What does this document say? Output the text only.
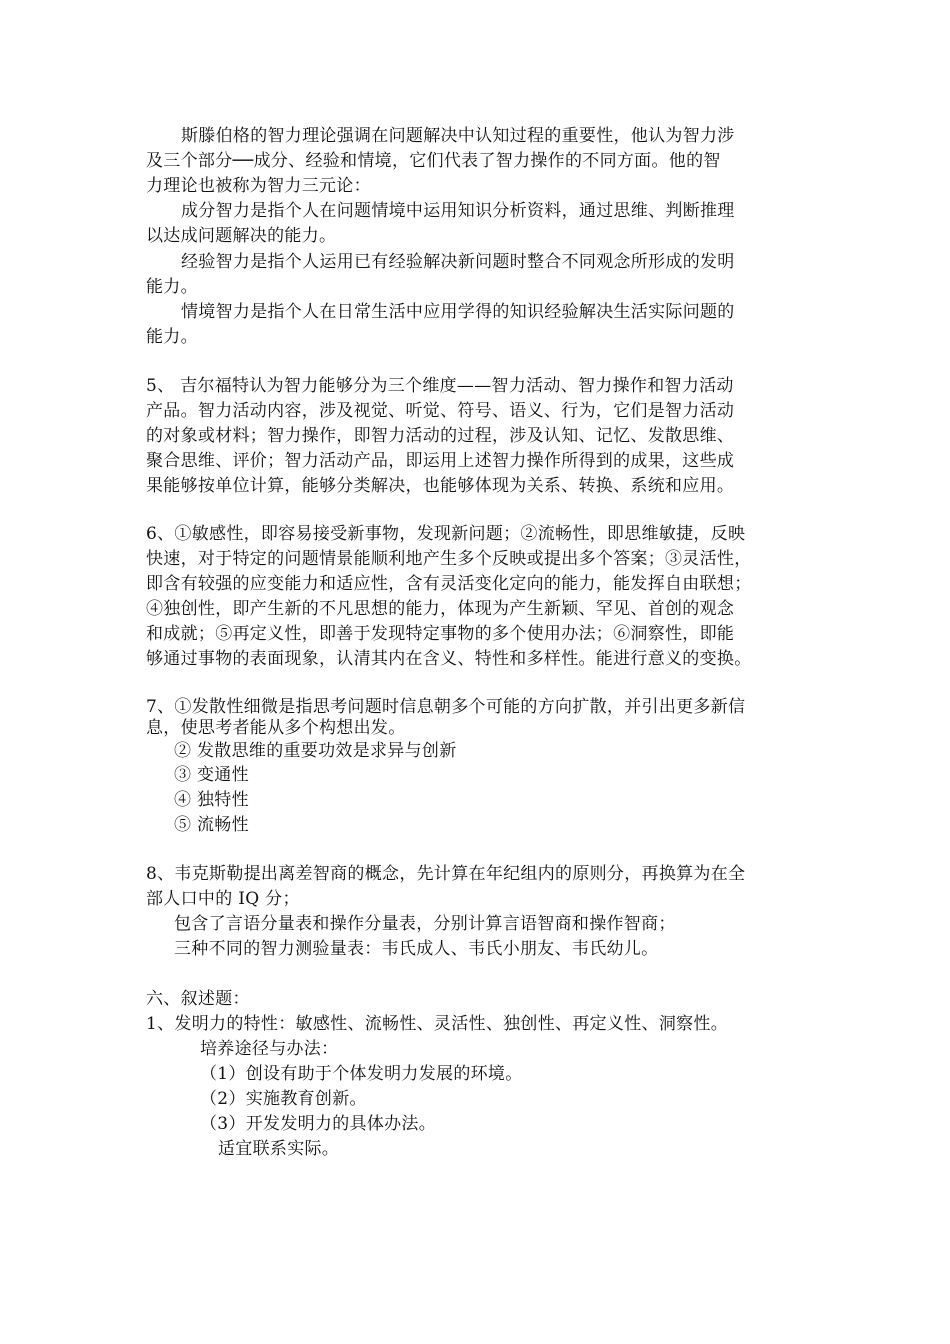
斯滕伯格的智力理论强调在问题解决中认知过程的重要性，他认为智力涉
及三个部分──成分、经验和情境，它们代表了智力操作的不同方面。他的智
力理论也被称为智力三元论：
成分智力是指个人在问题情境中运用知识分析资料，通过思维、判断推理
以达成问题解决的能力。
经验智力是指个人运用已有经验解决新问题时整合不同观念所形成的发明
能力。
情境智力是指个人在日常生活中应用学得的知识经验解决生活实际问题的
能力。
5、 吉尔福特认为智力能够分为三个维度——智力活动、智力操作和智力活动
产品。智力活动内容，涉及视觉、听觉、符号、语义、行为，它们是智力活动
的对象或材料；智力操作，即智力活动的过程，涉及认知、记忆、发散思维、
聚合思维、评价；智力活动产品，即运用上述智力操作所得到的成果，这些成
果能够按单位计算，能够分类解决，也能够体现为关系、转换、系统和应用。
6、①敏感性，即容易接受新事物，发现新问题；②流畅性，即思维敏捷，反映
快速，对于特定的问题情景能顺利地产生多个反映或提出多个答案；③灵活性，
即含有较强的应变能力和适应性，含有灵活变化定向的能力，能发挥自由联想；
④独创性，即产生新的不凡思想的能力，体现为产生新颖、罕见、首创的观念
和成就；⑤再定义性，即善于发现特定事物的多个使用办法；⑥洞察性，即能
够通过事物的表面现象，认清其内在含义、特性和多样性。能进行意义的变换。
7、①发散性细微是指思考问题时信息朝多个可能的方向扩散，并引出更多新信
息，使思考者能从多个构想出发。
② 发散思维的重要功效是求异与创新
③ 变通性
④ 独特性
⑤ 流畅性
8、韦克斯勒提出离差智商的概念，先计算在年纪组内的原则分，再换算为在全
部人口中的 IQ 分；
包含了言语分量表和操作分量表，分别计算言语智商和操作智商；
三种不同的智力测验量表：韦氏成人、韦氏小朋友、韦氏幼儿。
六、叙述题：
1、发明力的特性：敏感性、流畅性、灵活性、独创性、再定义性、洞察性。
培养途径与办法：
（1）创设有助于个体发明力发展的环境。
（2）实施教育创新。
（3）开发发明力的具体办法。
适宜联系实际。
